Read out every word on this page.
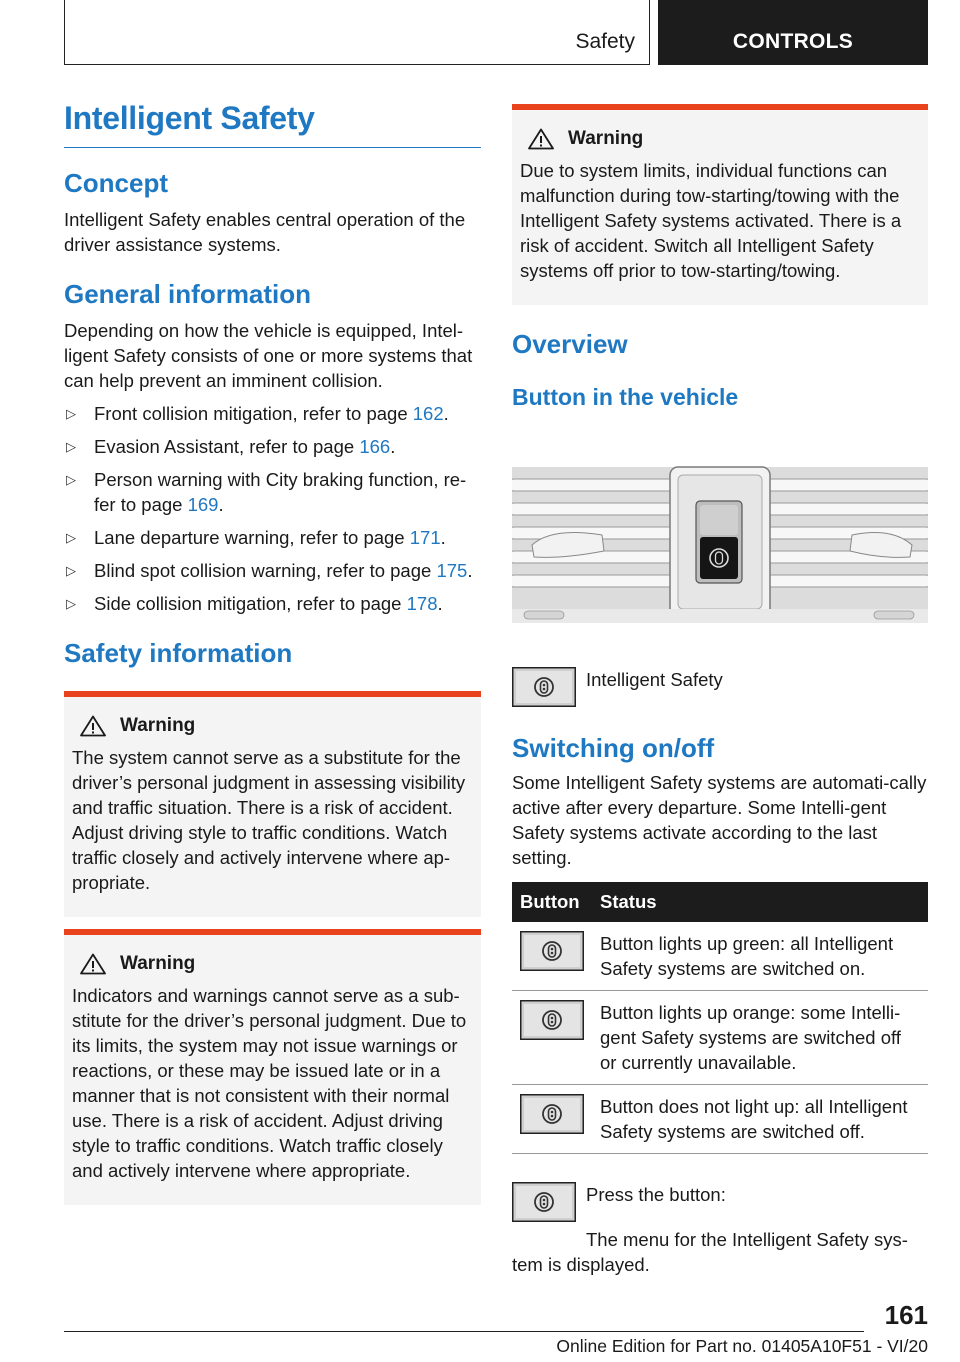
Safety	CONTROLS
Intelligent Safety
Concept

Intelligent Safety enables central operation of the driver assistance systems.

General information

Depending on how the vehicle is equipped, Intel-ligent Safety consists of one or more systems that can help prevent an imminent collision.

▷ Front collision mitigation, refer to page 162.
▷ Evasion Assistant, refer to page 166.
▷ Person warning with City braking function, re-fer to page 169.
▷ Lane departure warning, refer to page 171.
▷ Blind spot collision warning, refer to page 175.
▷ Side collision mitigation, refer to page 178.
Safety information
Warning

The system cannot serve as a substitute for the driver’s personal judgment in assessing visibility and traffic situation. There is a risk of accident. Adjust driving style to traffic conditions. Watch traffic closely and actively intervene where ap-propriate.

Warning

Indicators and warnings cannot serve as a sub-stitute for the driver’s personal judgment. Due to its limits, the system may not issue warnings or reactions, or these may be issued late or in a manner that is not consistent with their normal use. There is a risk of accident. Adjust driving style to traffic conditions. Watch traffic closely and actively intervene where appropriate.

Warning

Due to system limits, individual functions can malfunction during tow-starting/towing with the Intelligent Safety systems activated. There is a risk of accident. Switch all Intelligent Safety systems off prior to tow-starting/towing.

Overview
Button in the vehicle
Intelligent Safety
Switching on/off

Some Intelligent Safety systems are automati-cally active after every departure. Some Intelli-gent Safety systems activate according to the last setting.

Button	Status
	Button lights up green: all Intelligent Safety systems are switched on.
	Button lights up orange: some Intelli-gent Safety systems are switched off or currently unavailable.
	Button does not light up: all Intelligent Safety systems are switched off.
Press the button:

The menu for the Intelligent Safety sys-tem is displayed.

161
Online Edition for Part no. 01405A10F51 - VI/20
